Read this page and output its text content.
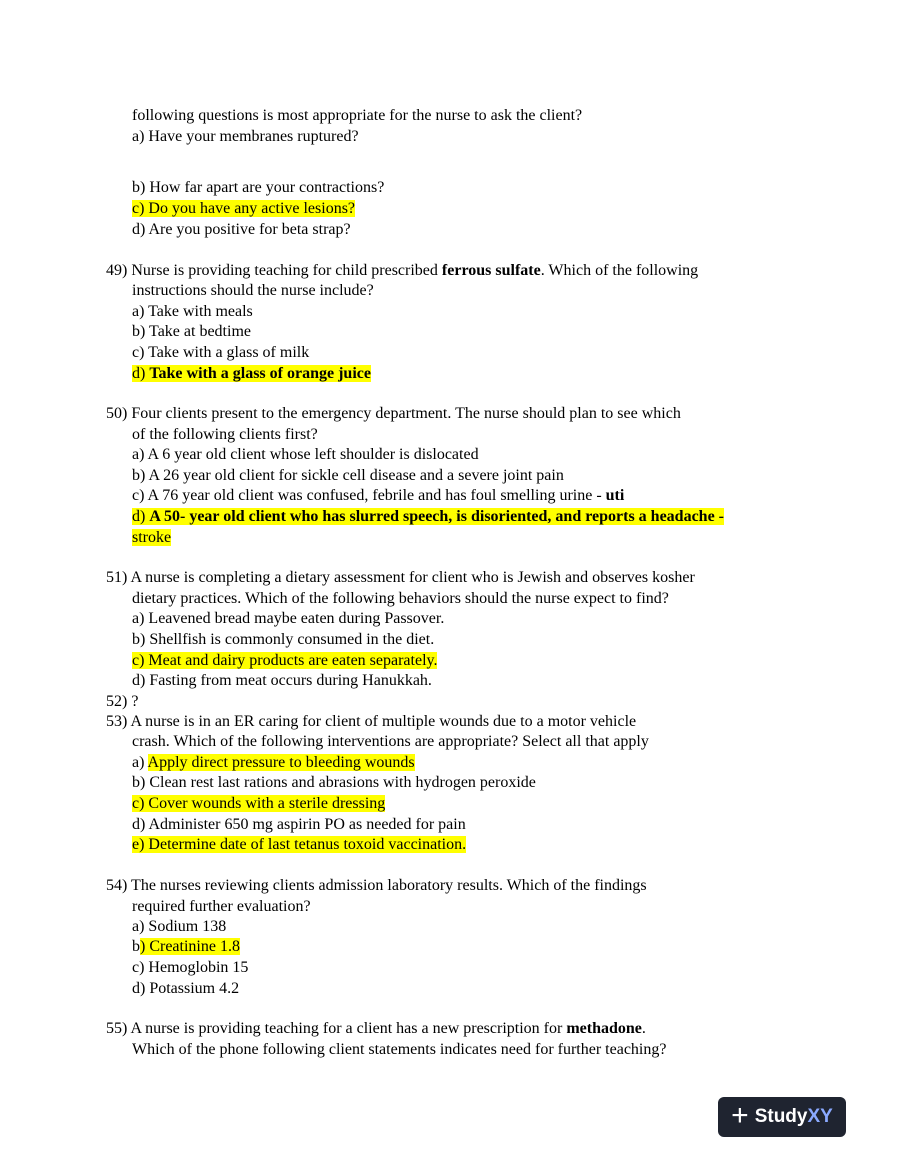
following questions is most appropriate for the nurse to ask the client?
a) Have your membranes ruptured?
b) How far apart are your contractions?
c) Do you have any active lesions?
d) Are you positive for beta strap?
49) Nurse is providing teaching for child prescribed ferrous sulfate. Which of the following
instructions should the nurse include?
a) Take with meals
b) Take at bedtime
c) Take with a glass of milk
d) Take with a glass of orange juice
50) Four clients present to the emergency department. The nurse should plan to see which
of the following clients first?
a) A 6 year old client whose left shoulder is dislocated
b) A 26 year old client for sickle cell disease and a severe joint pain
c) A 76 year old client was confused, febrile and has foul smelling urine - uti
d) A 50- year old client who has slurred speech, is disoriented, and reports a headache -
stroke
51) A nurse is completing a dietary assessment for client who is Jewish and observes kosher
dietary practices. Which of the following behaviors should the nurse expect to find?
a) Leavened bread maybe eaten during Passover.
b) Shellfish is commonly consumed in the diet.
c) Meat and dairy products are eaten separately.
d) Fasting from meat occurs during Hanukkah.
52) ?
53) A nurse is in an ER caring for client of multiple wounds due to a motor vehicle
crash. Which of the following interventions are appropriate? Select all that apply
a) Apply direct pressure to bleeding wounds
b) Clean rest last rations and abrasions with hydrogen peroxide
c) Cover wounds with a sterile dressing
d) Administer 650 mg aspirin PO as needed for pain
e) Determine date of last tetanus toxoid vaccination.
54) The nurses reviewing clients admission laboratory results. Which of the findings
required further evaluation?
a) Sodium 138
b) Creatinine 1.8
c) Hemoglobin 15
d) Potassium 4.2
55) A nurse is providing teaching for a client has a new prescription for methadone.
Which of the phone following client statements indicates need for further teaching?
+ StudyXY
